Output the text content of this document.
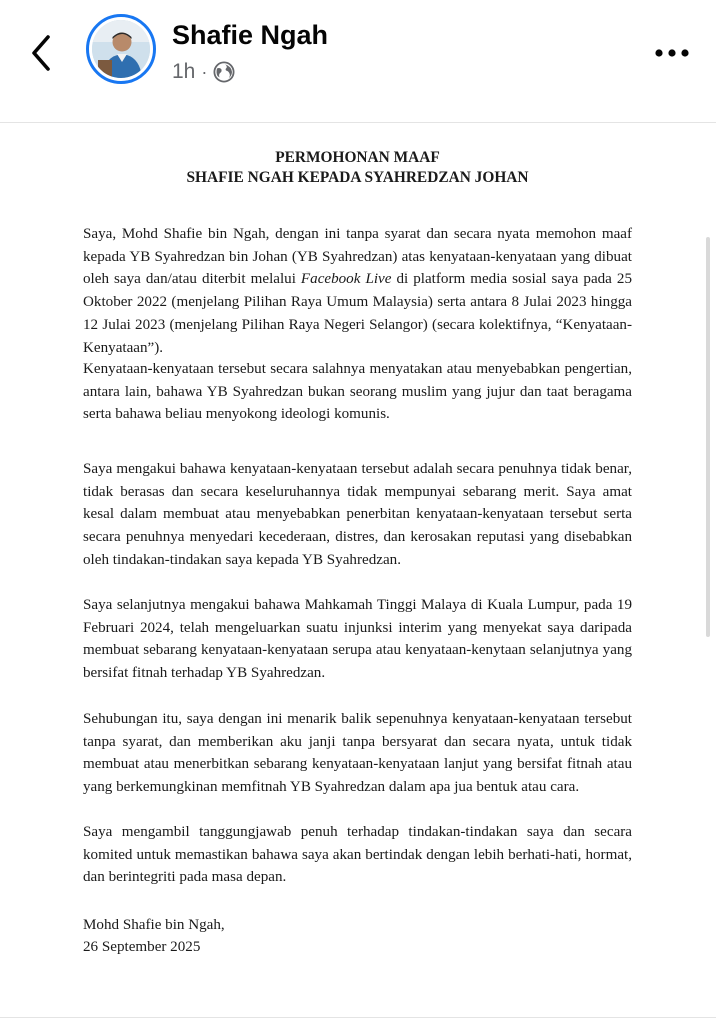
Shafie Ngah
1h ·
PERMOHONAN MAAF
SHAFIE NGAH KEPADA SYAHREDZAN JOHAN

Saya, Mohd Shafie bin Ngah, dengan ini tanpa syarat dan secara nyata memohon maaf kepada YB Syahredzan bin Johan (YB Syahredzan) atas kenyataan-kenyataan yang dibuat oleh saya dan/atau diterbit melalui Facebook Live di platform media sosial saya pada 25 Oktober 2022 (menjelang Pilihan Raya Umum Malaysia) serta antara 8 Julai 2023 hingga 12 Julai 2023 (menjelang Pilihan Raya Negeri Selangor) (secara kolektifnya, “Kenyataan-Kenyataan”).

Kenyataan-kenyataan tersebut secara salahnya menyatakan atau menyebabkan pengertian, antara lain, bahawa YB Syahredzan bukan seorang muslim yang jujur dan taat beragama serta bahawa beliau menyokong ideologi komunis.

Saya mengakui bahawa kenyataan-kenyataan tersebut adalah secara penuhnya tidak benar, tidak berasas dan secara keseluruhannya tidak mempunyai sebarang merit. Saya amat kesal dalam membuat atau menyebabkan penerbitan kenyataan-kenyataan tersebut serta secara penuhnya menyedari kecederaan, distres, dan kerosakan reputasi yang disebabkan oleh tindakan-tindakan saya kepada YB Syahredzan.

Saya selanjutnya mengakui bahawa Mahkamah Tinggi Malaya di Kuala Lumpur, pada 19 Februari 2024, telah mengeluarkan suatu injunksi interim yang menyekat saya daripada membuat sebarang kenyataan-kenyataan serupa atau kenyataan-kenytaan selanjutnya yang bersifat fitnah terhadap YB Syahredzan.

Sehubungan itu, saya dengan ini menarik balik sepenuhnya kenyataan-kenyataan tersebut tanpa syarat, dan memberikan aku janji tanpa bersyarat dan secara nyata, untuk tidak membuat atau menerbitkan sebarang kenyataan-kenyataan lanjut yang bersifat fitnah atau yang berkemungkinan memfitnah YB Syahredzan dalam apa jua bentuk atau cara.

Saya mengambil tanggungjawab penuh terhadap tindakan-tindakan saya dan secara komited untuk memastikan bahawa saya akan bertindak dengan lebih berhati-hati, hormat, dan berintegriti pada masa depan.

Mohd Shafie bin Ngah,

26 September 2025
